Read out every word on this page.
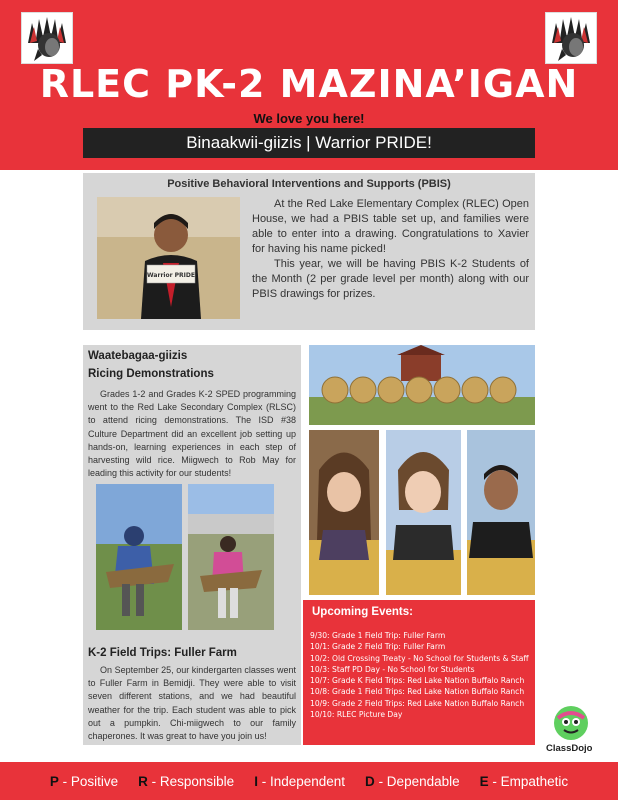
RLEC PK-2 MAZINA’IGAN
We love you here!
Binaakwii-giizis | Warrior PRIDE!
Positive Behavioral Interventions and Supports (PBIS)
Warrior PRIDE

At the Red Lake Elementary Complex (RLEC) Open House, we had a PBIS table set up, and families were able to enter into a drawing. Congratulations to Xavier for having his name picked!

This year, we will be having PBIS K-2 Students of the Month (2 per grade level per month) along with our PBIS drawings for prizes.

Waatebagaa-giizis
Ricing Demonstrations
Grades 1-2 and Grades K-2 SPED programming went to the Red Lake Secondary Complex (RLSC) to attend ricing demonstrations. The ISD #38 Culture Department did an excellent job setting up hands-on, learning experiences in each step of harvesting wild rice. Miigwech to Rob May for leading this activity for our students!
K-2 Field Trips: Fuller Farm
On September 25, our kindergarten classes went to Fuller Farm in Bemidji. They were able to visit seven different stations, and we had beautiful weather for the trip. Each student was able to pick out a pumpkin. Chi-miigwech to our family chaperones. It was great to have you join us!
Upcoming Events:
9/30: Grade 1 Field Trip: Fuller Farm
10/1: Grade 2 Field Trip: Fuller Farm
10/2: Old Crossing Treaty - No School for Students & Staff
10/3: Staff PD Day - No School for Students
10/7: Grade K Field Trips: Red Lake Nation Buffalo Ranch
10/8: Grade 1 Field Trips: Red Lake Nation Buffalo Ranch
10/9: Grade 2 Field Trips: Red Lake Nation Buffalo Ranch
10/10: RLEC Picture Day
ClassDojo
P - Positive R - Responsible I - Independent D - Dependable E - Empathetic
